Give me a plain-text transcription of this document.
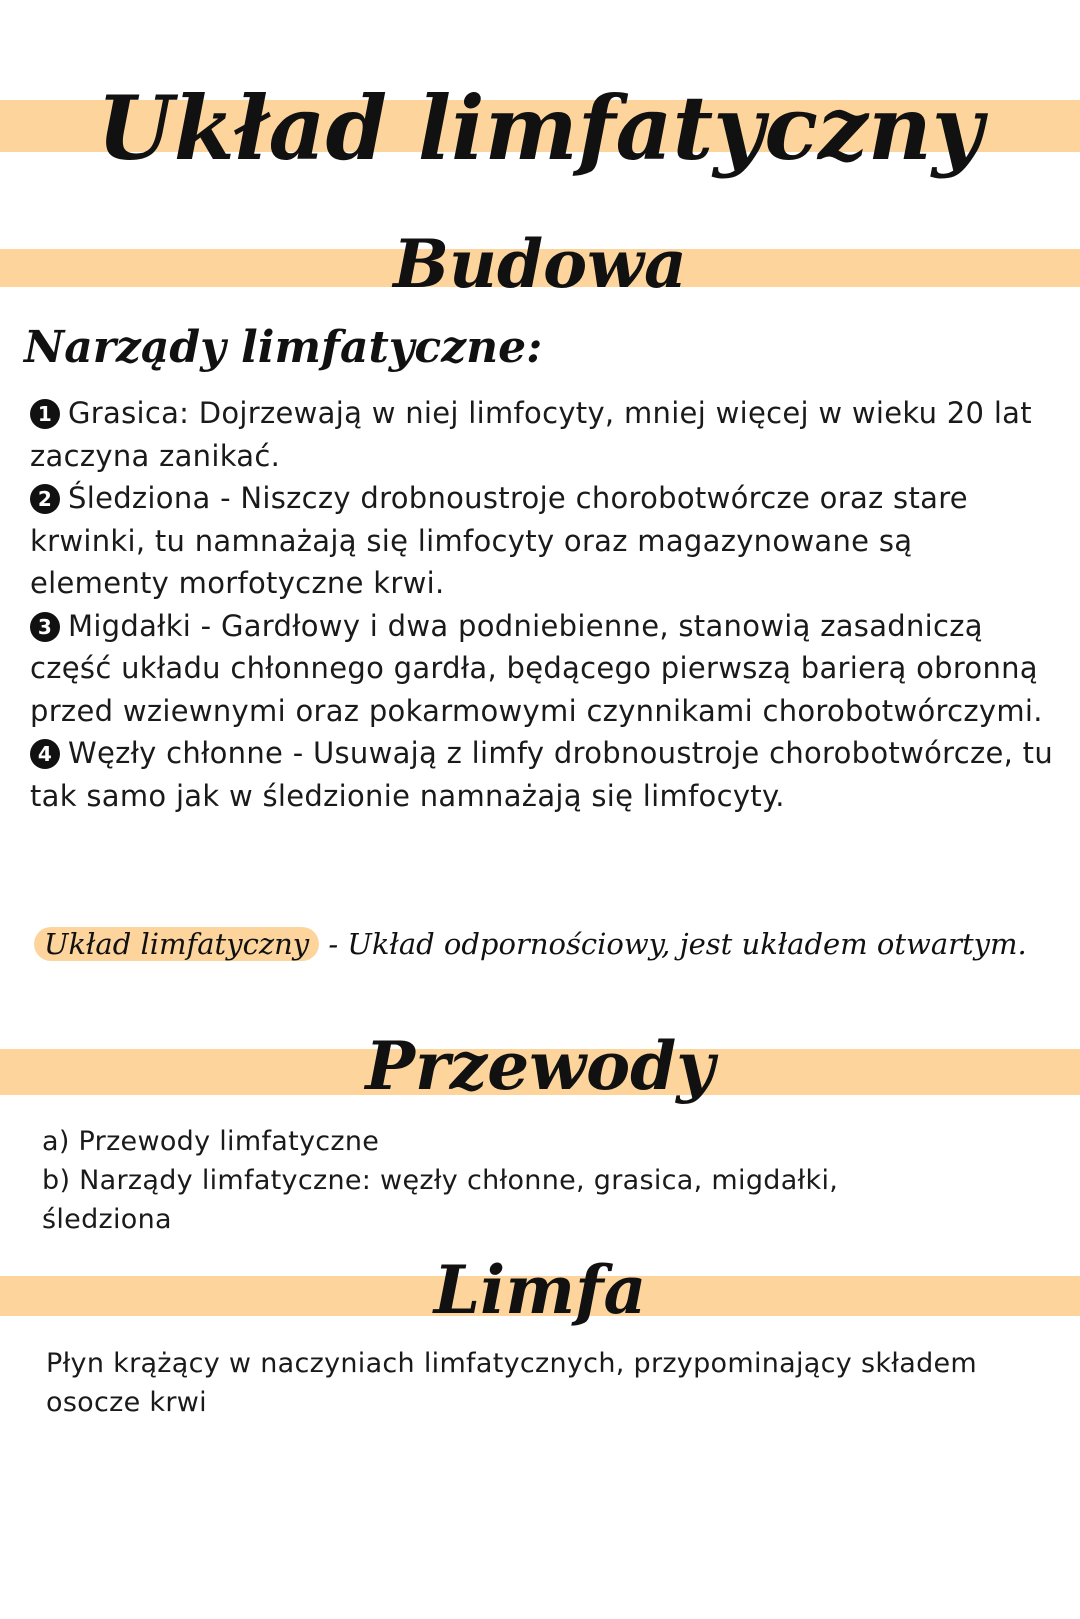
Układ limfatyczny
Budowa
Narządy limfatyczne:
1 Grasica: Dojrzewają w niej limfocyty, mniej więcej w wieku 20 lat zaczyna zanikać.
2 Śledziona - Niszczy drobnoustroje chorobotwórcze oraz stare krwinki, tu namnażają się limfocyty oraz magazynowane są elementy morfotyczne krwi.
3 Migdałki - Gardłowy i dwa podniebienne, stanowią zasadniczą część układu chłonnego gardła, będącego pierwszą barierą obronną przed wziewnymi oraz pokarmowymi czynnikami chorobotwórczymi.
4 Węzły chłonne - Usuwają z limfy drobnoustroje chorobotwórcze, tu tak samo jak w śledzionie namnażają się limfocyty.

Układ limfatyczny - Układ odpornościowy, jest układem otwartym.

Przewody
a) Przewody limfatyczne
b) Narządy limfatyczne: węzły chłonne, grasica, migdałki, śledziona
Limfa

Płyn krążący w naczyniach limfatycznych, przypominający składem osocze krwi
